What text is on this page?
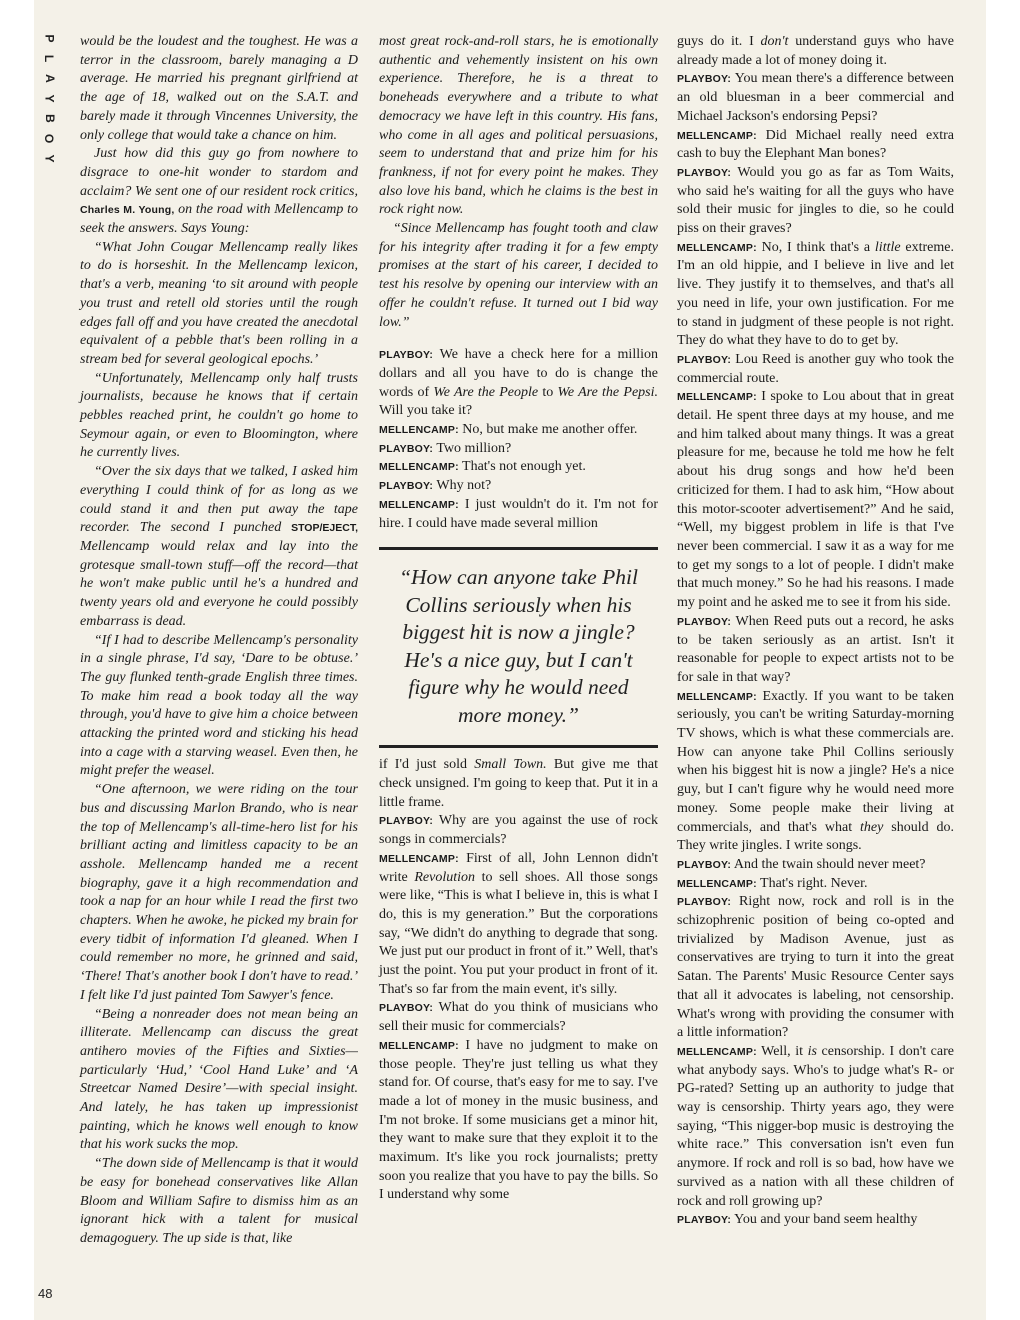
P
L
A
Y
B
O
Y
48

would be the loudest and the toughest. He was a terror in the classroom, barely managing a D average. He married his pregnant girlfriend at the age of 18, walked out on the S.A.T. and barely made it through Vincennes University, the only college that would take a chance on him.

Just how did this guy go from nowhere to disgrace to one-hit wonder to stardom and acclaim? We sent one of our resident rock critics, Charles M. Young, on the road with Mellencamp to seek the answers. Says Young:

“What John Cougar Mellencamp really likes to do is horseshit. In the Mellencamp lexicon, that's a verb, meaning ‘to sit around with people you trust and retell old stories until the rough edges fall off and you have created the anecdotal equivalent of a pebble that's been rolling in a stream bed for several geological epochs.’

“Unfortunately, Mellencamp only half trusts journalists, because he knows that if certain pebbles reached print, he couldn't go home to Seymour again, or even to Bloomington, where he currently lives.

“Over the six days that we talked, I asked him everything I could think of for as long as we could stand it and then put away the tape recorder. The second I punched STOP/EJECT, Mellencamp would relax and lay into the grotesque small-town stuff—off the record—that he won't make public until he's a hundred and twenty years old and everyone he could possibly embarrass is dead.

“If I had to describe Mellencamp's personality in a single phrase, I'd say, ‘Dare to be obtuse.’ The guy flunked tenth-grade English three times. To make him read a book today all the way through, you'd have to give him a choice between attacking the printed word and sticking his head into a cage with a starving weasel. Even then, he might prefer the weasel.

“One afternoon, we were riding on the tour bus and discussing Marlon Brando, who is near the top of Mellencamp's all-time-hero list for his brilliant acting and limitless capacity to be an asshole. Mellencamp handed me a recent biography, gave it a high recommendation and took a nap for an hour while I read the first two chapters. When he awoke, he picked my brain for every tidbit of information I'd gleaned. When I could remember no more, he grinned and said, ‘There! That's another book I don't have to read.’ I felt like I'd just painted Tom Sawyer's fence.

“Being a nonreader does not mean being an illiterate. Mellencamp can discuss the great antihero movies of the Fifties and Sixties—particularly ‘Hud,’ ‘Cool Hand Luke’ and ‘A Streetcar Named Desire’—with special insight. And lately, he has taken up impressionist painting, which he knows well enough to know that his work sucks the mop.

“The down side of Mellencamp is that it would be easy for bonehead conservatives like Allan Bloom and William Safire to dismiss him as an ignorant hick with a talent for musical demagoguery. The up side is that, like

most great rock-and-roll stars, he is emotionally authentic and vehemently insistent on his own experience. Therefore, he is a threat to boneheads everywhere and a tribute to what democracy we have left in this country. His fans, who come in all ages and political persuasions, seem to understand that and prize him for his frankness, if not for every point he makes. They also love his band, which he claims is the best in rock right now.

“Since Mellencamp has fought tooth and claw for his integrity after trading it for a few empty promises at the start of his career, I decided to test his resolve by opening our interview with an offer he couldn't refuse. It turned out I bid way low.”

PLAYBOY: We have a check here for a million dollars and all you have to do is change the words of We Are the People to We Are the Pepsi. Will you take it?

MELLENCAMP: No, but make me another offer.

PLAYBOY: Two million?

MELLENCAMP: That's not enough yet.

PLAYBOY: Why not?

MELLENCAMP: I just wouldn't do it. I'm not for hire. I could have made several million

“How can anyone take Phil Collins seriously when his biggest hit is now a jingle? He's a nice guy, but I can't figure why he would need more money.”

if I'd just sold Small Town. But give me that check unsigned. I'm going to keep that. Put it in a little frame.

PLAYBOY: Why are you against the use of rock songs in commercials?

MELLENCAMP: First of all, John Lennon didn't write Revolution to sell shoes. All those songs were like, “This is what I believe in, this is what I do, this is my generation.” But the corporations say, “We didn't do anything to degrade that song. We just put our product in front of it.” Well, that's just the point. You put your product in front of it. That's so far from the main event, it's silly.

PLAYBOY: What do you think of musicians who sell their music for commercials?

MELLENCAMP: I have no judgment to make on those people. They're just telling us what they stand for. Of course, that's easy for me to say. I've made a lot of money in the music business, and I'm not broke. If some musicians get a minor hit, they want to make sure that they exploit it to the maximum. It's like you rock journalists; pretty soon you realize that you have to pay the bills. So I understand why some

guys do it. I don't understand guys who have already made a lot of money doing it.

PLAYBOY: You mean there's a difference between an old bluesman in a beer commercial and Michael Jackson's endorsing Pepsi?

MELLENCAMP: Did Michael really need extra cash to buy the Elephant Man bones?

PLAYBOY: Would you go as far as Tom Waits, who said he's waiting for all the guys who have sold their music for jingles to die, so he could piss on their graves?

MELLENCAMP: No, I think that's a little extreme. I'm an old hippie, and I believe in live and let live. They justify it to themselves, and that's all you need in life, your own justification. For me to stand in judgment of these people is not right. They do what they have to do to get by.

PLAYBOY: Lou Reed is another guy who took the commercial route.

MELLENCAMP: I spoke to Lou about that in great detail. He spent three days at my house, and me and him talked about many things. It was a great pleasure for me, because he told me how he felt about his drug songs and how he'd been criticized for them. I had to ask him, “How about this motor-scooter advertisement?” And he said, “Well, my biggest problem in life is that I've never been commercial. I saw it as a way for me to get my songs to a lot of people. I didn't make that much money.” So he had his reasons. I made my point and he asked me to see it from his side.

PLAYBOY: When Reed puts out a record, he asks to be taken seriously as an artist. Isn't it reasonable for people to expect artists not to be for sale in that way?

MELLENCAMP: Exactly. If you want to be taken seriously, you can't be writing Saturday-morning TV shows, which is what these commercials are. How can anyone take Phil Collins seriously when his biggest hit is now a jingle? He's a nice guy, but I can't figure why he would need more money. Some people make their living at commercials, and that's what they should do. They write jingles. I write songs.

PLAYBOY: And the twain should never meet?

MELLENCAMP: That's right. Never.

PLAYBOY: Right now, rock and roll is in the schizophrenic position of being co-opted and trivialized by Madison Avenue, just as conservatives are trying to turn it into the great Satan. The Parents' Music Resource Center says that all it advocates is labeling, not censorship. What's wrong with providing the consumer with a little information?

MELLENCAMP: Well, it is censorship. I don't care what anybody says. Who's to judge what's R- or PG-rated? Setting up an authority to judge that way is censorship. Thirty years ago, they were saying, “This nigger-bop music is destroying the white race.” This conversation isn't even fun anymore. If rock and roll is so bad, how have we survived as a nation with all these children of rock and roll growing up?

PLAYBOY: You and your band seem healthy
